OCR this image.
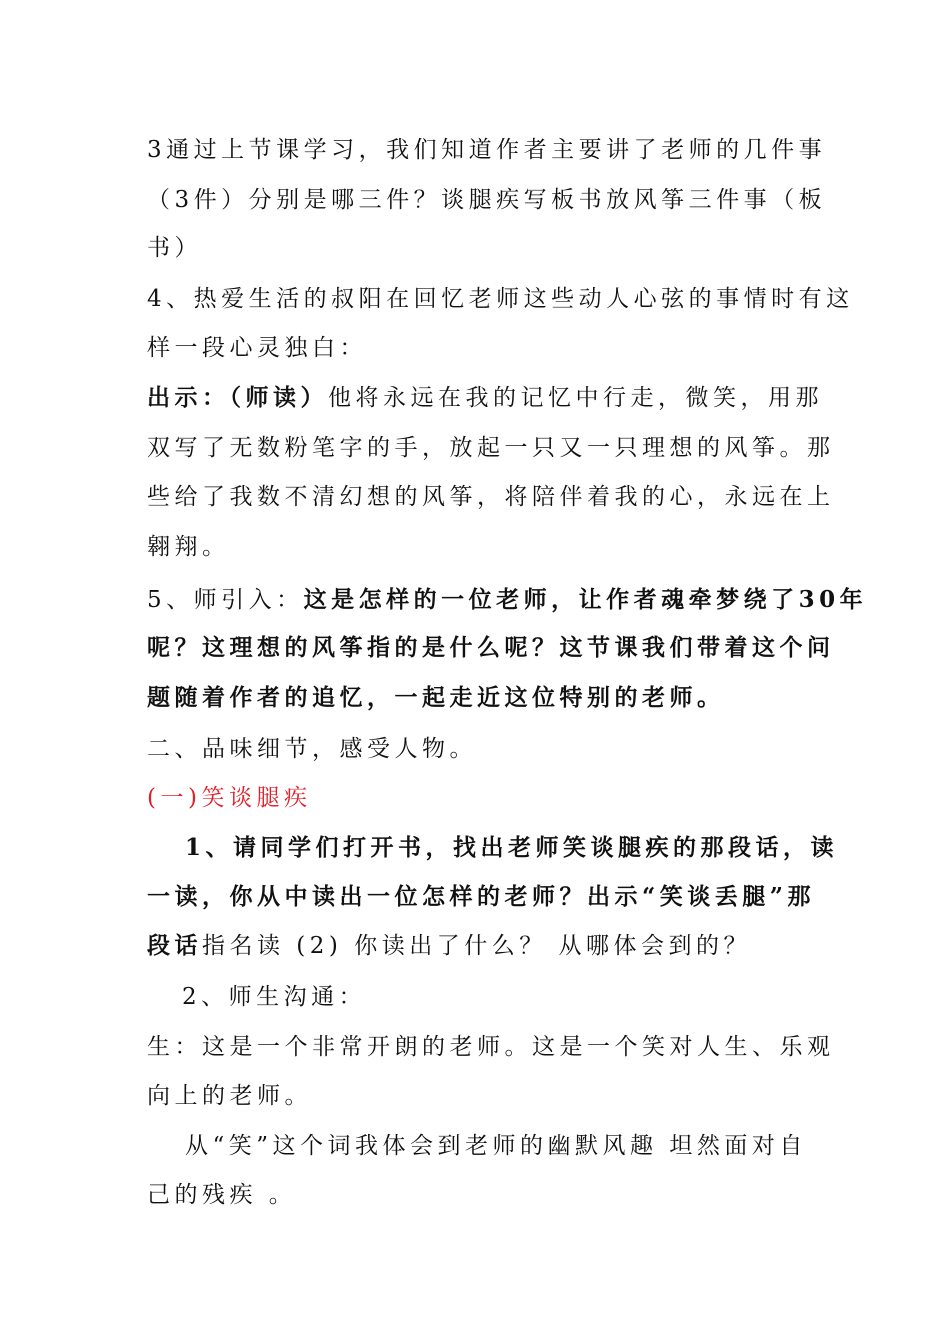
3通过上节课学习，我们知道作者主要讲了老师的几件事
（3件）分别是哪三件？谈腿疾写板书放风筝三件事（板
书）
4、热爱生活的叔阳在回忆老师这些动人心弦的事情时有这
样一段心灵独白：
出示：（师读）他将永远在我的记忆中行走，微笑，用那
双写了无数粉笔字的手，放起一只又一只理想的风筝。那
些给了我数不清幻想的风筝，将陪伴着我的心，永远在上
翱翔。
5、师引入：这是怎样的一位老师，让作者魂牵梦绕了30年
呢？这理想的风筝指的是什么呢？这节课我们带着这个问
题随着作者的追忆，一起走近这位特别的老师。
二、品味细节，感受人物。
(一)笑谈腿疾
1、请同学们打开书，找出老师笑谈腿疾的那段话，读
一读，你从中读出一位怎样的老师？出示“笑谈丢腿”那
段话指名读 (2) 你读出了什么？ 从哪体会到的？
2、师生沟通：
生：这是一个非常开朗的老师。这是一个笑对人生、乐观
向上的老师。
从“笑”这个词我体会到老师的幽默风趣 坦然面对自
己的残疾 。
